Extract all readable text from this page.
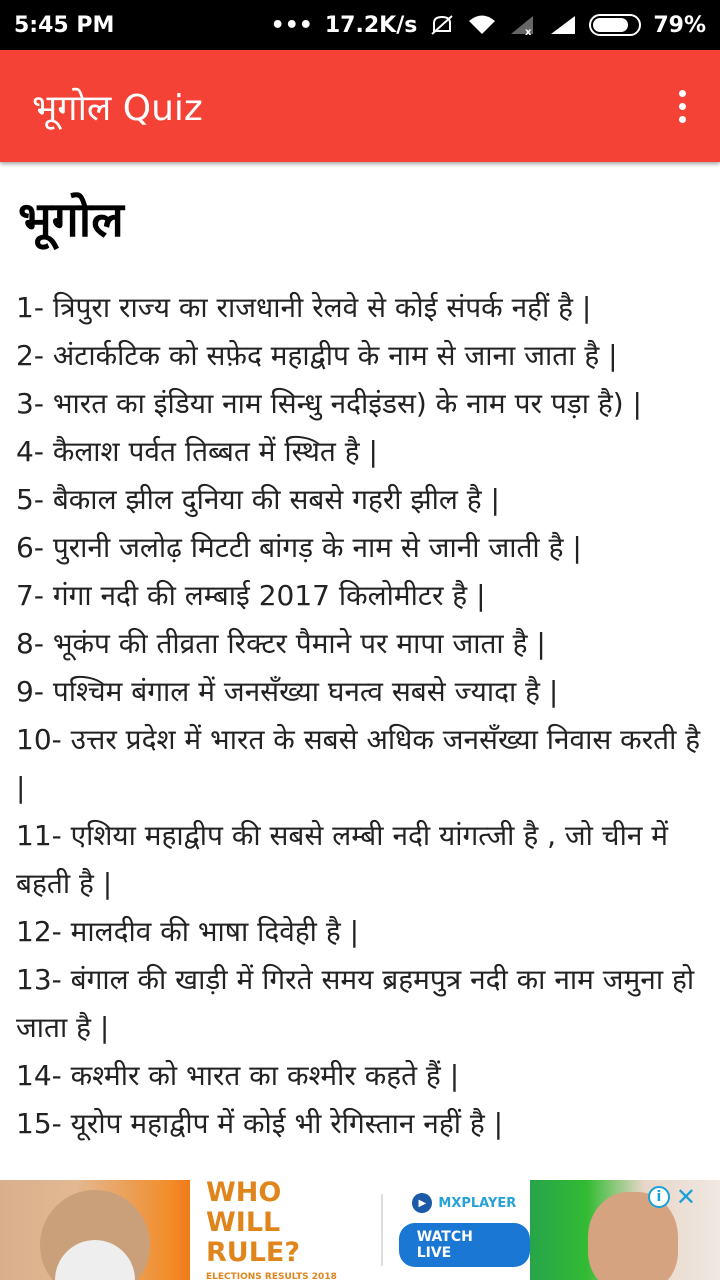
5:45 PM	••• 17.2K/s	x	79%
भूगोल Quiz
भूगोल

1- त्रिपुरा राज्य का राजधानी रेलवे से कोई संपर्क नहीं है |

2- अंटार्कटिक को सफ़ेद महाद्वीप के नाम से जाना जाता है |

3- भारत का इंडिया नाम सिन्धु नदीइंडस) के नाम पर पड़ा है) |

4- कैलाश पर्वत तिब्बत में स्थित है |

5- बैकाल झील दुनिया की सबसे गहरी झील है |

6- पुरानी जलोढ़ मिटटी बांगड़ के नाम से जानी जाती है |

7- गंगा नदी की लम्बाई 2017 किलोमीटर है |

8- भूकंप की तीव्रता रिक्टर पैमाने पर मापा जाता है |

9- पश्चिम बंगाल में जनसँख्या घनत्व सबसे ज्यादा है |

10- उत्तर प्रदेश में भारत के सबसे अधिक जनसँख्या निवास करती है |

11- एशिया महाद्वीप की सबसे लम्बी नदी यांगत्जी है , जो चीन में बहती है |

12- मालदीव की भाषा दिवेही है |

13- बंगाल की खाड़ी में गिरते समय ब्रहमपुत्र नदी का नाम जमुना हो जाता है |

14- कश्मीर को भारत का कश्मीर कहते हैं |

15- यूरोप महाद्वीप में कोई भी रेगिस्तान नहीं है |

WHO WILL
RULE?
ELECTIONS RESULTS 2018
▶ MXPLAYER
WATCH LIVE
i ✕
